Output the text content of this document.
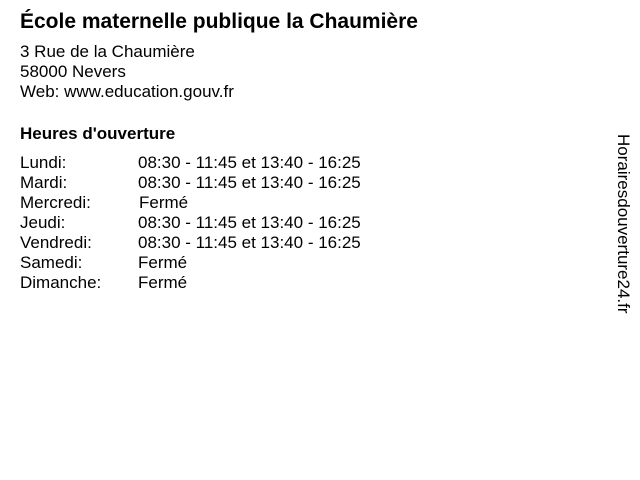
École maternelle publique la Chaumière
3 Rue de la Chaumière
58000 Nevers
Web: www.education.gouv.fr
Heures d'ouverture
Lundi:	08:30 - 11:45 et 13:40 - 16:25
Mardi:	08:30 - 11:45 et 13:40 - 16:25
Mercredi:	Fermé
Jeudi:	08:30 - 11:45 et 13:40 - 16:25
Vendredi:	08:30 - 11:45 et 13:40 - 16:25
Samedi:	Fermé
Dimanche: Fermé	Horairesdouverture24.fr
